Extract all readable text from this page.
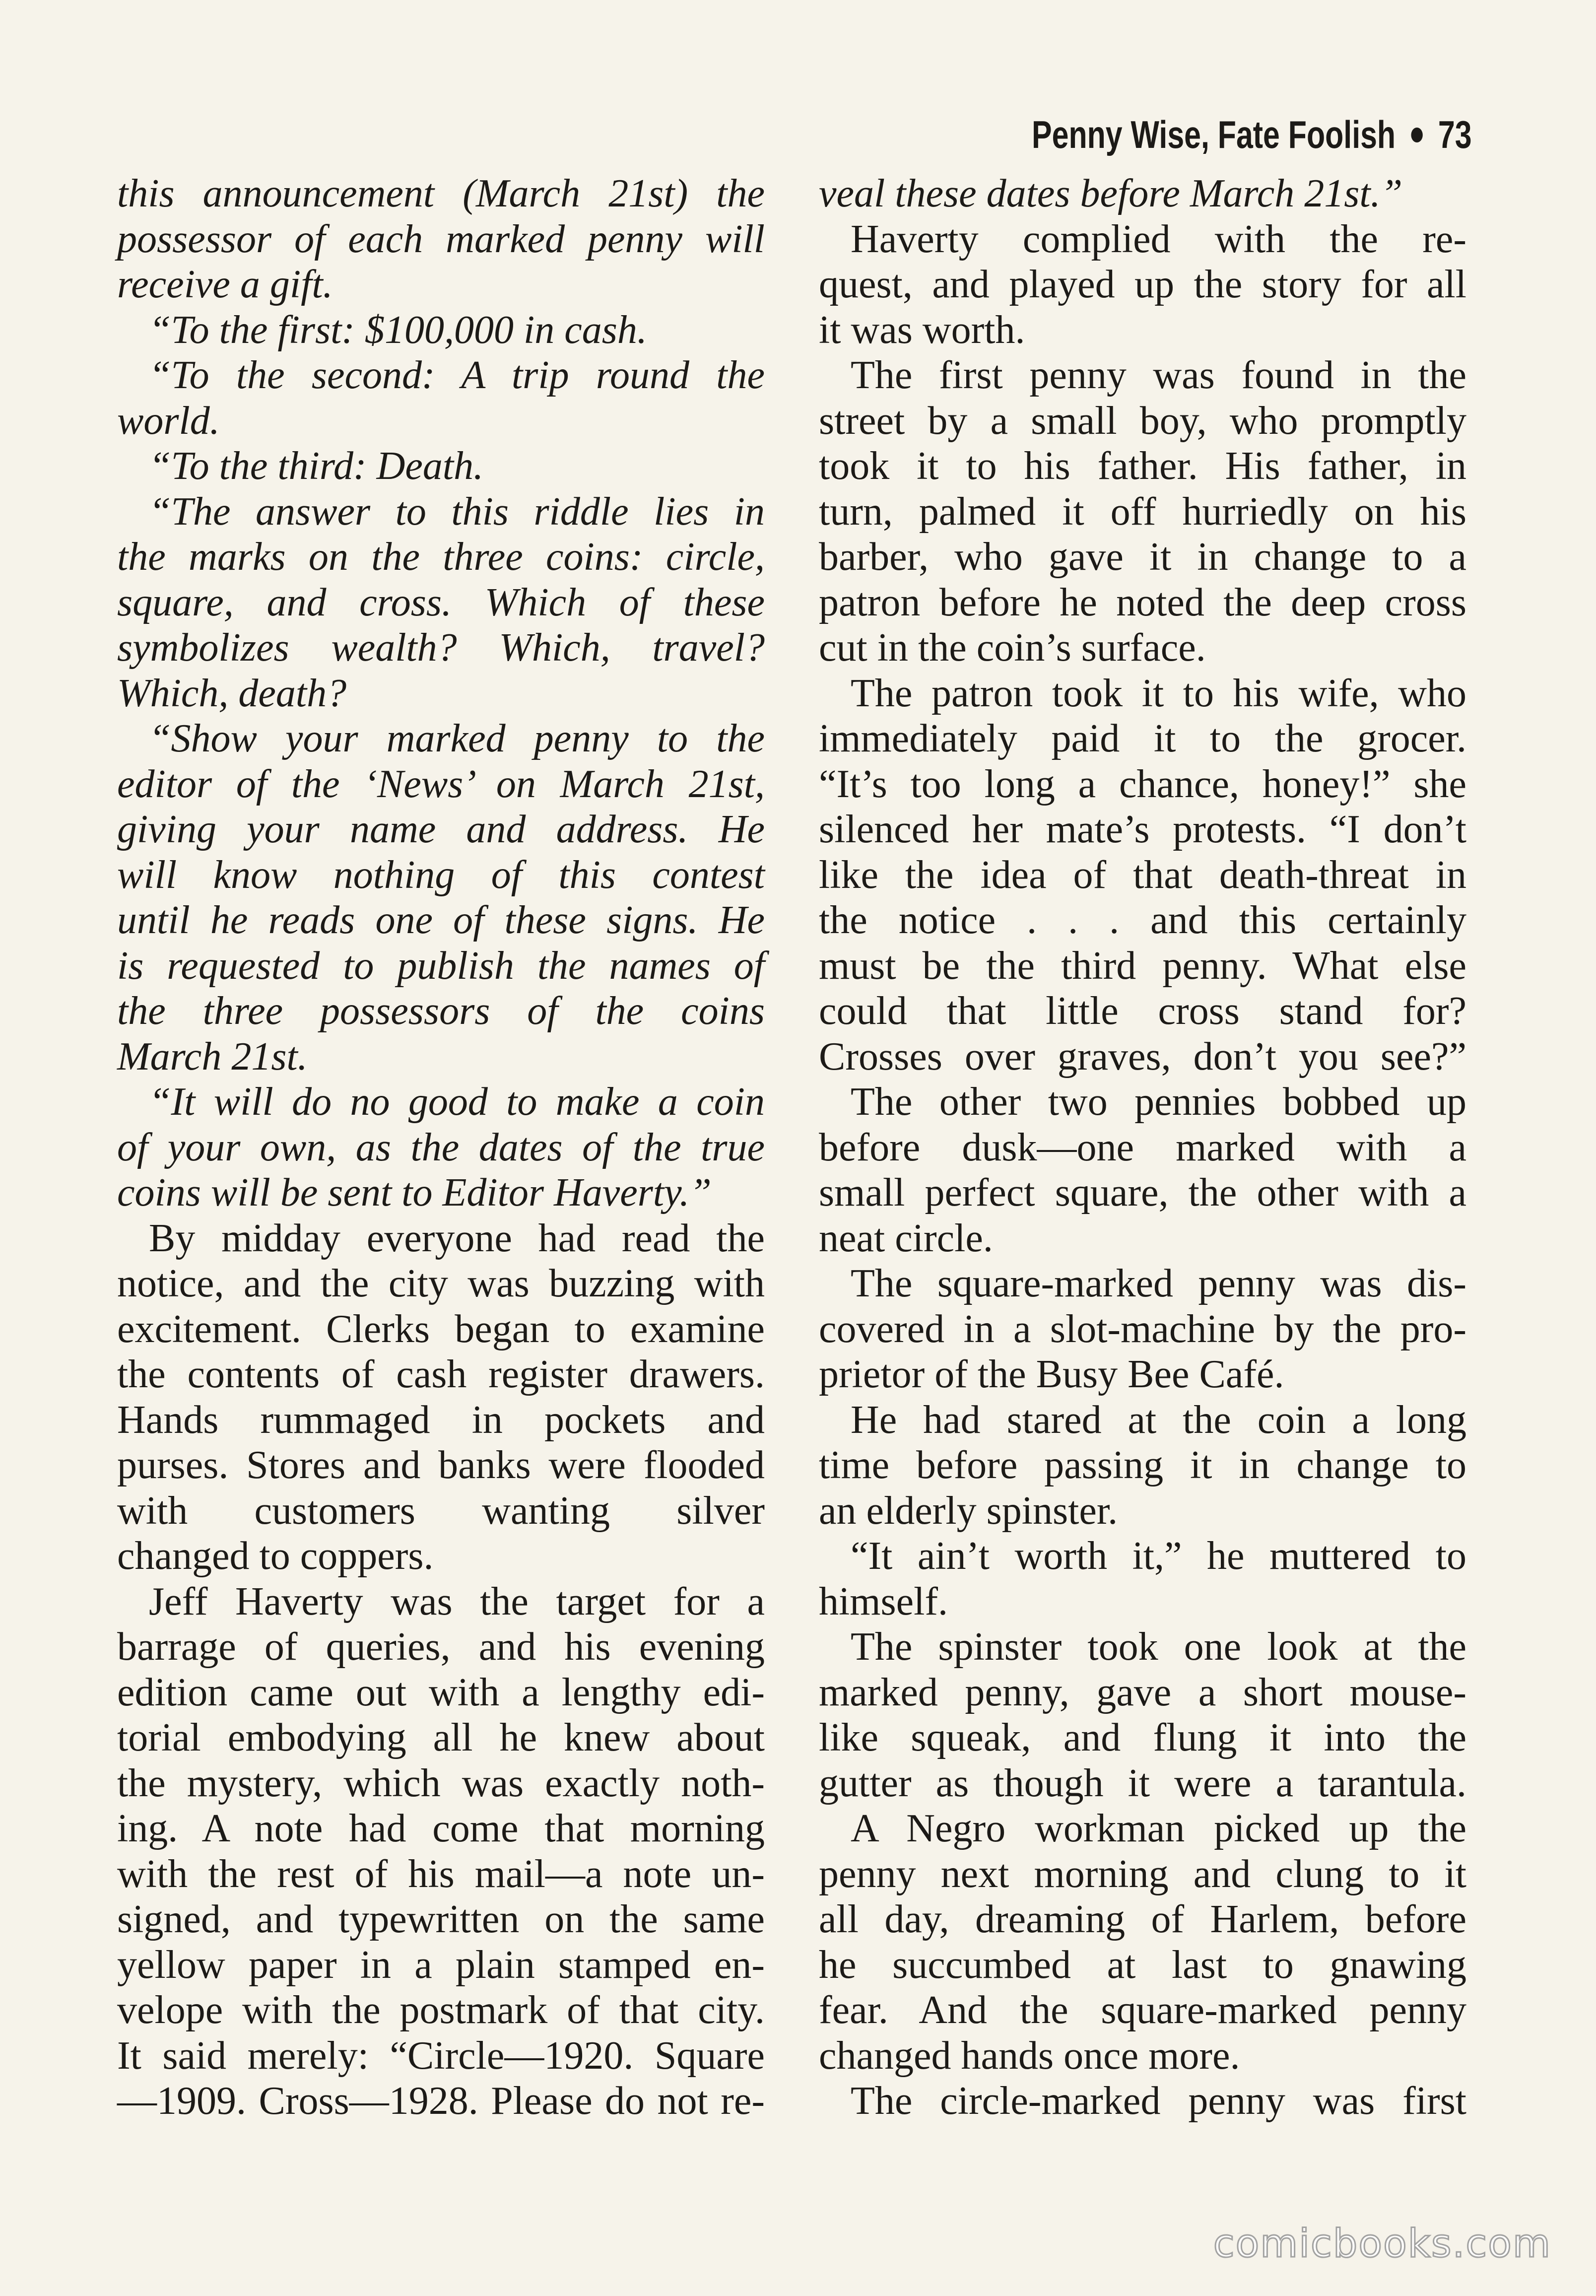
Penny Wise, Fate Foolish 73
this announcement (March 21st) the
possessor of each marked penny will
receive a gift.
“To the first: $100,000 in cash.
“To the second: A trip round the
world.
“To the third: Death.
“The answer to this riddle lies in
the marks on the three coins: circle,
square, and cross. Which of these
symbolizes wealth? Which, travel?
Which, death?
“Show your marked penny to the
editor of the ‘News’ on March 21st,
giving your name and address. He
will know nothing of this contest
until he reads one of these signs. He
is requested to publish the names of
the three possessors of the coins
March 21st.
“It will do no good to make a coin
of your own, as the dates of the true
coins will be sent to Editor Haverty.”
By midday everyone had read the
notice, and the city was buzzing with
excitement. Clerks began to examine
the contents of cash register drawers.
Hands rummaged in pockets and
purses. Stores and banks were flooded
with customers wanting silver
changed to coppers.
Jeff Haverty was the target for a
barrage of queries, and his evening
edition came out with a lengthy edi-
torial embodying all he knew about
the mystery, which was exactly noth-
ing. A note had come that morning
with the rest of his mail—a note un-
signed, and typewritten on the same
yellow paper in a plain stamped en-
velope with the postmark of that city.
It said merely: “Circle—1920. Square
—1909. Cross—1928. Please do not re-
veal these dates before March 21st.”
Haverty complied with the re-
quest, and played up the story for all
it was worth.
The first penny was found in the
street by a small boy, who promptly
took it to his father. His father, in
turn, palmed it off hurriedly on his
barber, who gave it in change to a
patron before he noted the deep cross
cut in the coin’s surface.
The patron took it to his wife, who
immediately paid it to the grocer.
“It’s too long a chance, honey!” she
silenced her mate’s protests. “I don’t
like the idea of that death-threat in
the notice . . . and this certainly
must be the third penny. What else
could that little cross stand for?
Crosses over graves, don’t you see?”
The other two pennies bobbed up
before dusk—one marked with a
small perfect square, the other with a
neat circle.
The square-marked penny was dis-
covered in a slot-machine by the pro-
prietor of the Busy Bee Café.
He had stared at the coin a long
time before passing it in change to
an elderly spinster.
“It ain’t worth it,” he muttered to
himself.
The spinster took one look at the
marked penny, gave a short mouse-
like squeak, and flung it into the
gutter as though it were a tarantula.
A Negro workman picked up the
penny next morning and clung to it
all day, dreaming of Harlem, before
he succumbed at last to gnawing
fear. And the square-marked penny
changed hands once more.
The circle-marked penny was first
comicbooks.com
